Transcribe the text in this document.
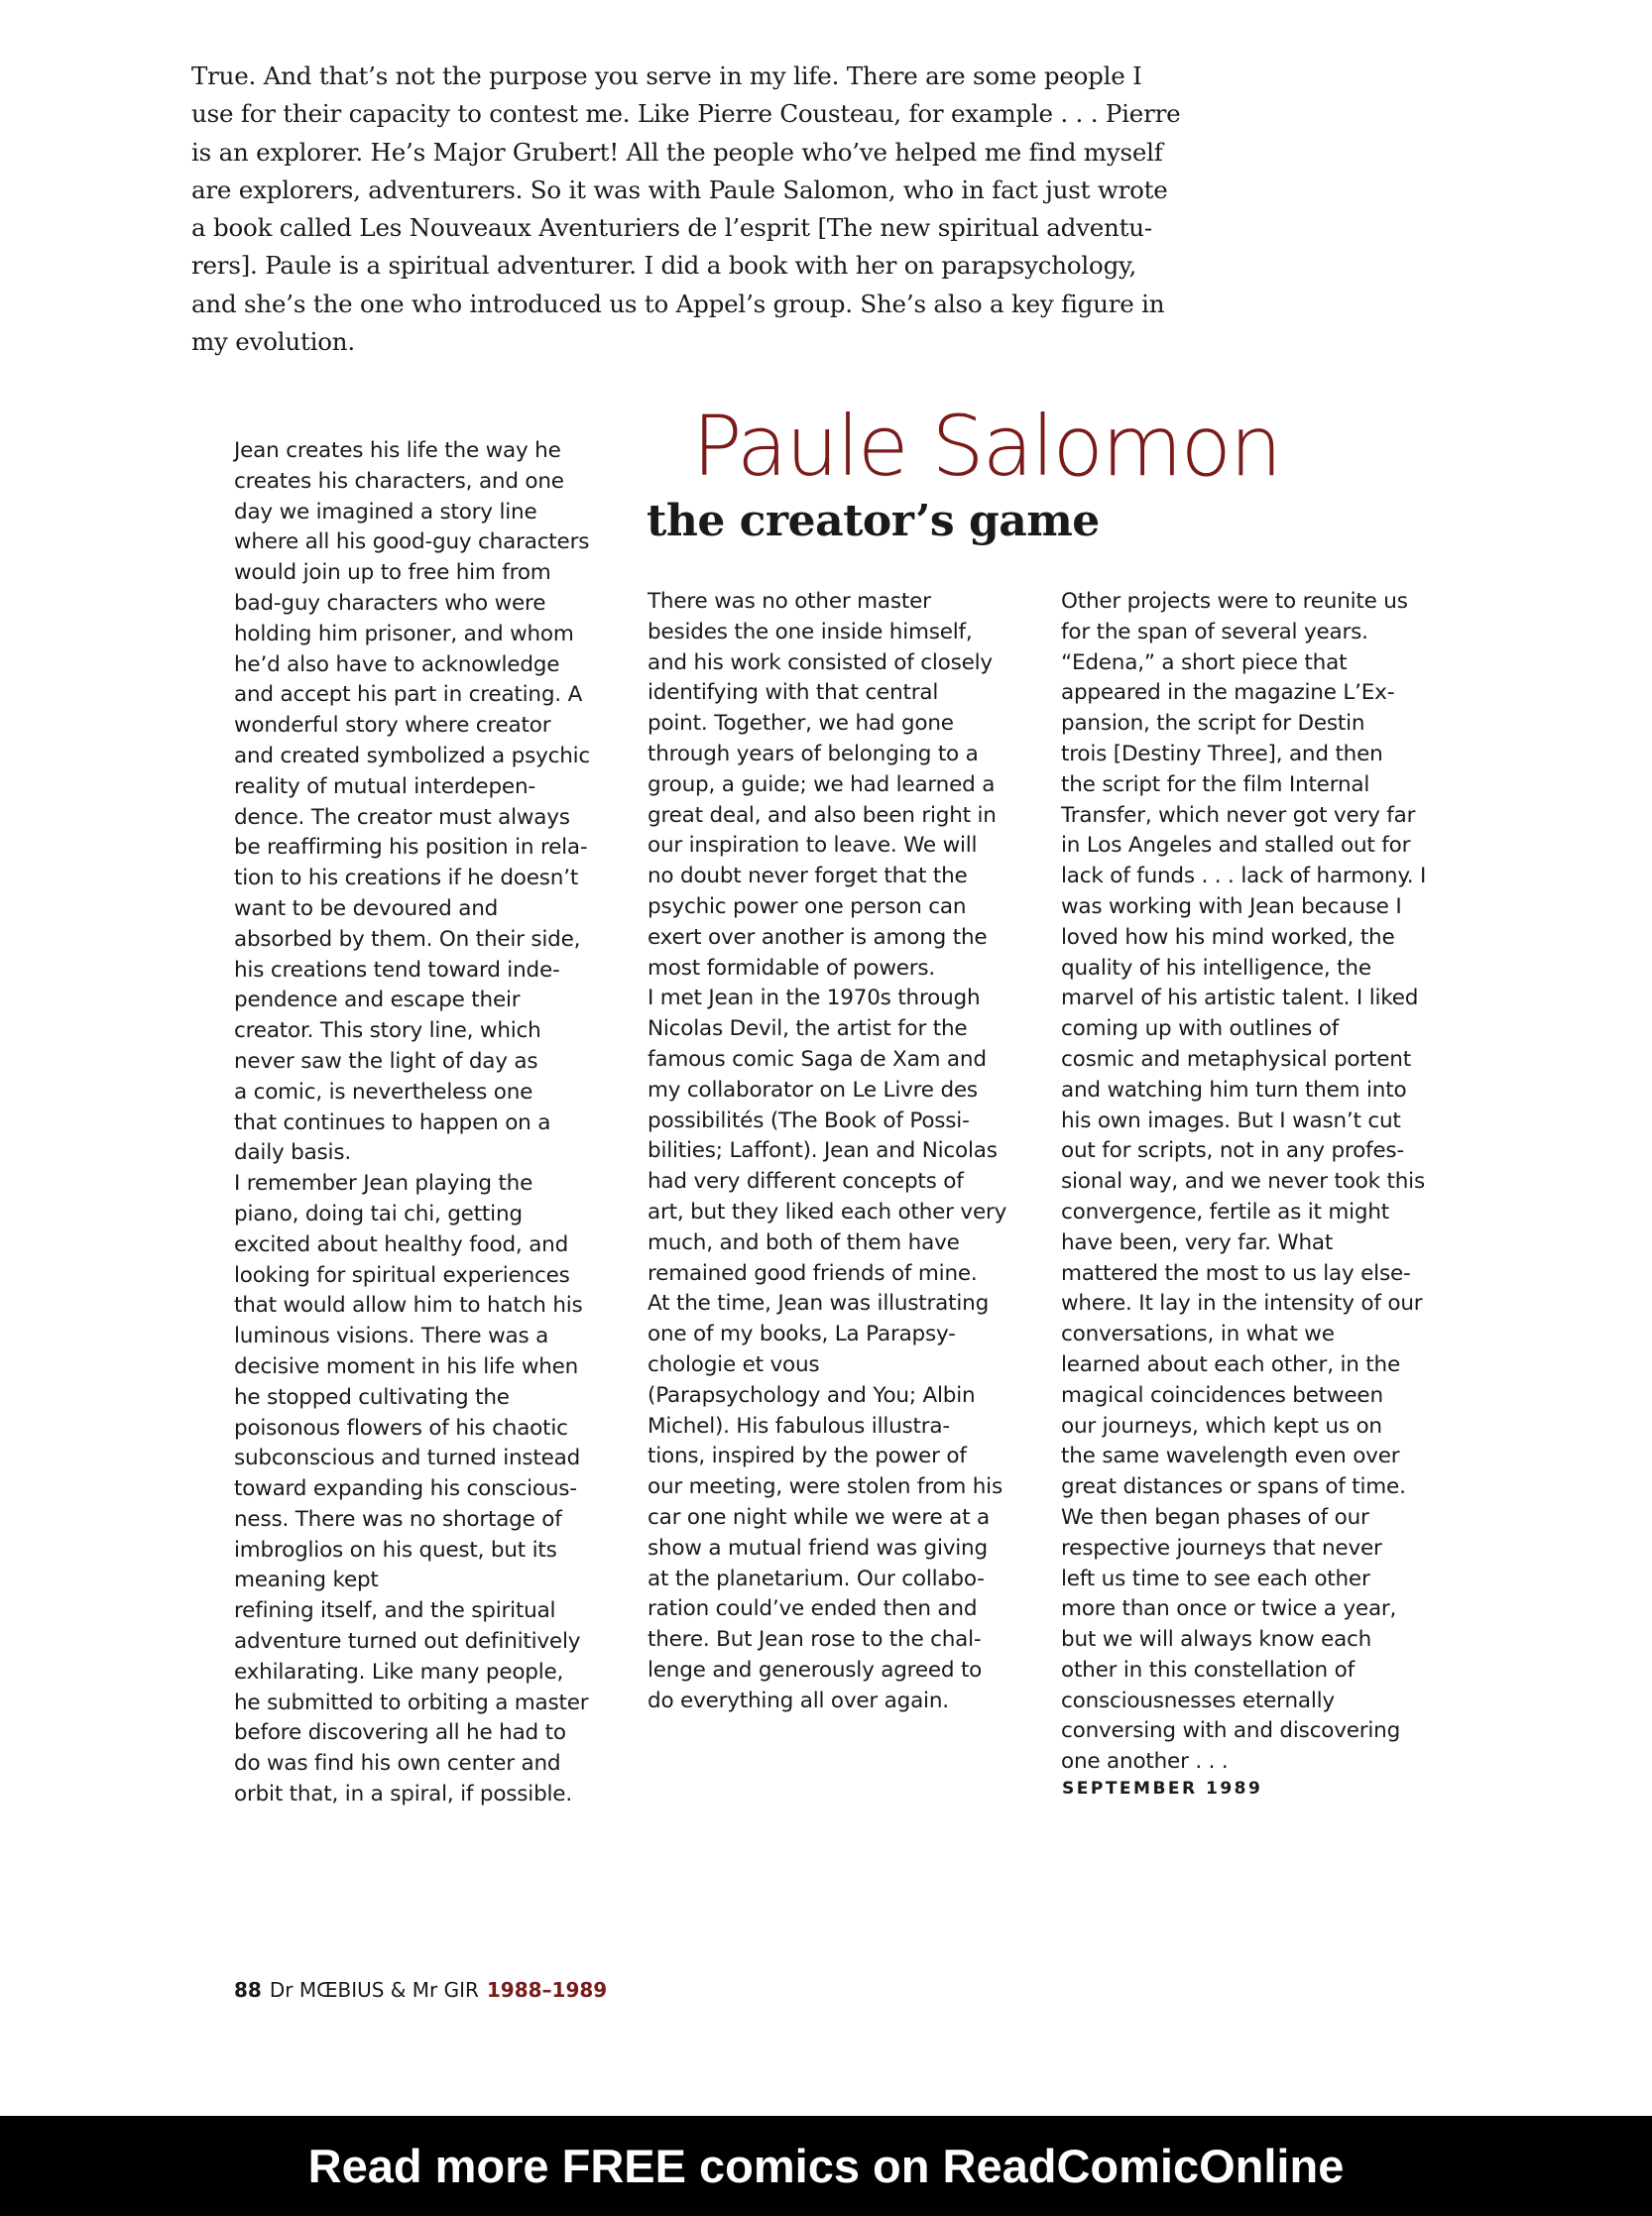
True. And that’s not the purpose you serve in my life. There are some people I
use for their capacity to contest me. Like Pierre Cousteau, for example . . . Pierre
is an explorer. He’s Major Grubert! All the people who’ve helped me find myself
are explorers, adventurers. So it was with Paule Salomon, who in fact just wrote
a book called Les Nouveaux Aventuriers de l’esprit [The new spiritual adventu-
rers]. Paule is a spiritual adventurer. I did a book with her on parapsychology,
and she’s the one who introduced us to Appel’s group. She’s also a key figure in
my evolution.

Jean creates his life the way he
creates his characters, and one
day we imagined a story line
where all his good-guy characters
would join up to free him from
bad-guy characters who were
holding him prisoner, and whom
he’d also have to acknowledge
and accept his part in creating. A
wonderful story where creator
and created symbolized a psychic
reality of mutual interdepen-
dence. The creator must always
be reaffirming his position in rela-
tion to his creations if he doesn’t
want to be devoured and
absorbed by them. On their side,
his creations tend toward inde-
pendence and escape their
creator. This story line, which
never saw the light of day as
a comic, is nevertheless one
that continues to happen on a
daily basis.
I remember Jean playing the
piano, doing tai chi, getting
excited about healthy food, and
looking for spiritual experiences
that would allow him to hatch his
luminous visions. There was a
decisive moment in his life when
he stopped cultivating the
poisonous flowers of his chaotic
subconscious and turned instead
toward expanding his conscious-
ness. There was no shortage of
imbroglios on his quest, but its
meaning kept
refining itself, and the spiritual
adventure turned out definitively
exhilarating. Like many people,
he submitted to orbiting a master
before discovering all he had to
do was find his own center and
orbit that, in a spiral, if possible.

Paule Salomon
the creator’s game

There was no other master
besides the one inside himself,
and his work consisted of closely
identifying with that central
point. Together, we had gone
through years of belonging to a
group, a guide; we had learned a
great deal, and also been right in
our inspiration to leave. We will
no doubt never forget that the
psychic power one person can
exert over another is among the
most formidable of powers.
I met Jean in the 1970s through
Nicolas Devil, the artist for the
famous comic Saga de Xam and
my collaborator on Le Livre des
possibilités (The Book of Possi-
bilities; Laffont). Jean and Nicolas
had very different concepts of
art, but they liked each other very
much, and both of them have
remained good friends of mine.
At the time, Jean was illustrating
one of my books, La Parapsy-
chologie et vous
(Parapsychology and You; Albin
Michel). His fabulous illustra-
tions, inspired by the power of
our meeting, were stolen from his
car one night while we were at a
show a mutual friend was giving
at the planetarium. Our collabo-
ration could’ve ended then and
there. But Jean rose to the chal-
lenge and generously agreed to
do everything all over again.

Other projects were to reunite us
for the span of several years.
“Edena,” a short piece that
appeared in the magazine L’Ex-
pansion, the script for Destin
trois [Destiny Three], and then
the script for the film Internal
Transfer, which never got very far
in Los Angeles and stalled out for
lack of funds . . . lack of harmony. I
was working with Jean because I
loved how his mind worked, the
quality of his intelligence, the
marvel of his artistic talent. I liked
coming up with outlines of
cosmic and metaphysical portent
and watching him turn them into
his own images. But I wasn’t cut
out for scripts, not in any profes-
sional way, and we never took this
convergence, fertile as it might
have been, very far. What
mattered the most to us lay else-
where. It lay in the intensity of our
conversations, in what we
learned about each other, in the
magical coincidences between
our journeys, which kept us on
the same wavelength even over
great distances or spans of time.
We then began phases of our
respective journeys that never
left us time to see each other
more than once or twice a year,
but we will always know each
other in this constellation of
consciousnesses eternally
conversing with and discovering
one another . . .

SEPTEMBER 1989
88 Dr MŒBIUS & Mr GIR 1988–1989
Read more FREE comics on ReadComicOnline
